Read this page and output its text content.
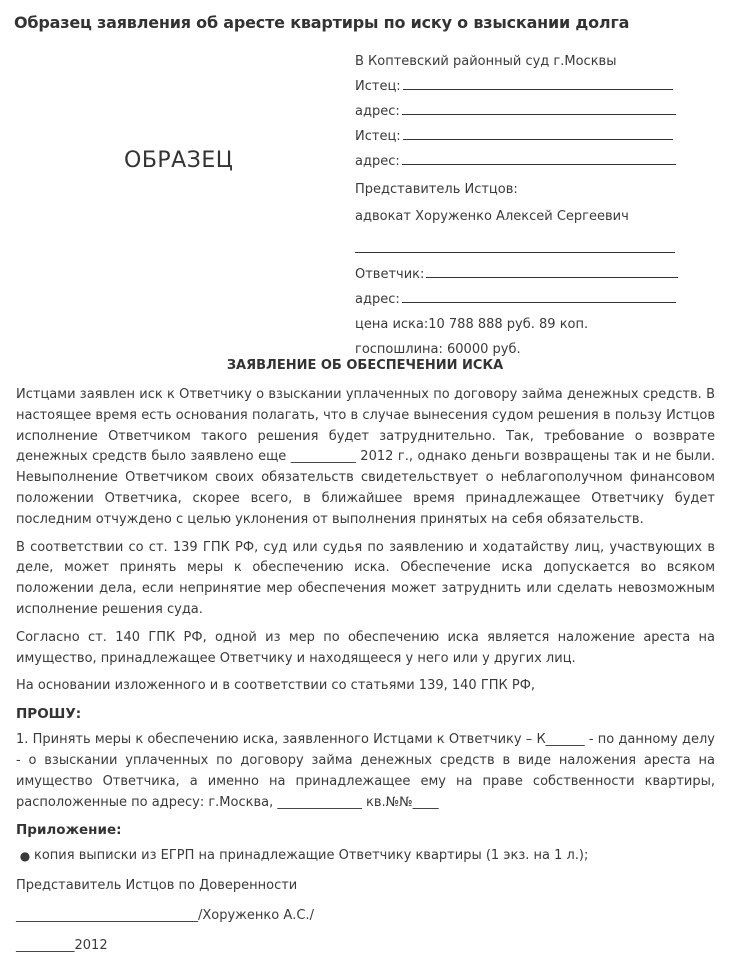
Образец заявления об аресте квартиры по иску о взыскании долга
ОБРАЗЕЦ
В Коптевский районный суд г.Москвы
Истец:
адрес:
Истец:
адрес:
Представитель Истцов:
адвокат Хоруженко Алексей Сергеевич
Ответчик:
адрес:
цена иска:10 788 888 руб. 89 коп.
госпошлина: 60000 руб.
ЗАЯВЛЕНИЕ ОБ ОБЕСПЕЧЕНИИ ИСКА

Истцами заявлен иск к Ответчику о взыскании уплаченных по договору займа денежных средств. В настоящее время есть основания полагать, что в случае вынесения судом решения в пользу Истцов исполнение Ответчиком такого решения будет затруднительно. Так, требование о возврате денежных средств было заявлено еще __________ 2012 г., однако деньги возвращены так и не были. Невыполнение Ответчиком своих обязательств свидетельствует о неблагополучном финансовом положении Ответчика, скорее всего, в ближайшее время принадлежащее Ответчику будет последним отчуждено с целью уклонения от выполнения принятых на себя обязательств.

В соответствии со ст. 139 ГПК РФ, суд или судья по заявлению и ходатайству лиц, участвующих в деле, может принять меры к обеспечению иска. Обеспечение иска допускается во всяком положении дела, если непринятие мер обеспечения может затруднить или сделать невозможным исполнение решения суда.

Согласно ст. 140 ГПК РФ, одной из мер по обеспечению иска является наложение ареста на имущество, принадлежащее Ответчику и находящееся у него или у других лиц.

На основании изложенного и в соответствии со статьями 139, 140 ГПК РФ,

ПРОШУ:

1. Принять меры к обеспечению иска, заявленного Истцами к Ответчику – К______ - по данному делу - о взыскании уплаченных по договору займа денежных средств в виде наложения ареста на имущество Ответчика, а именно на принадлежащее ему на праве собственности квартиры, расположенные по адресу: г.Москва, _____________ кв.№№____

Приложение:
● копия выписки из ЕГРП на принадлежащие Ответчику квартиры (1 экз. на 1 л.);
Представитель Истцов по Доверенности
____________________________/Хоруженко А.С./
_________2012
